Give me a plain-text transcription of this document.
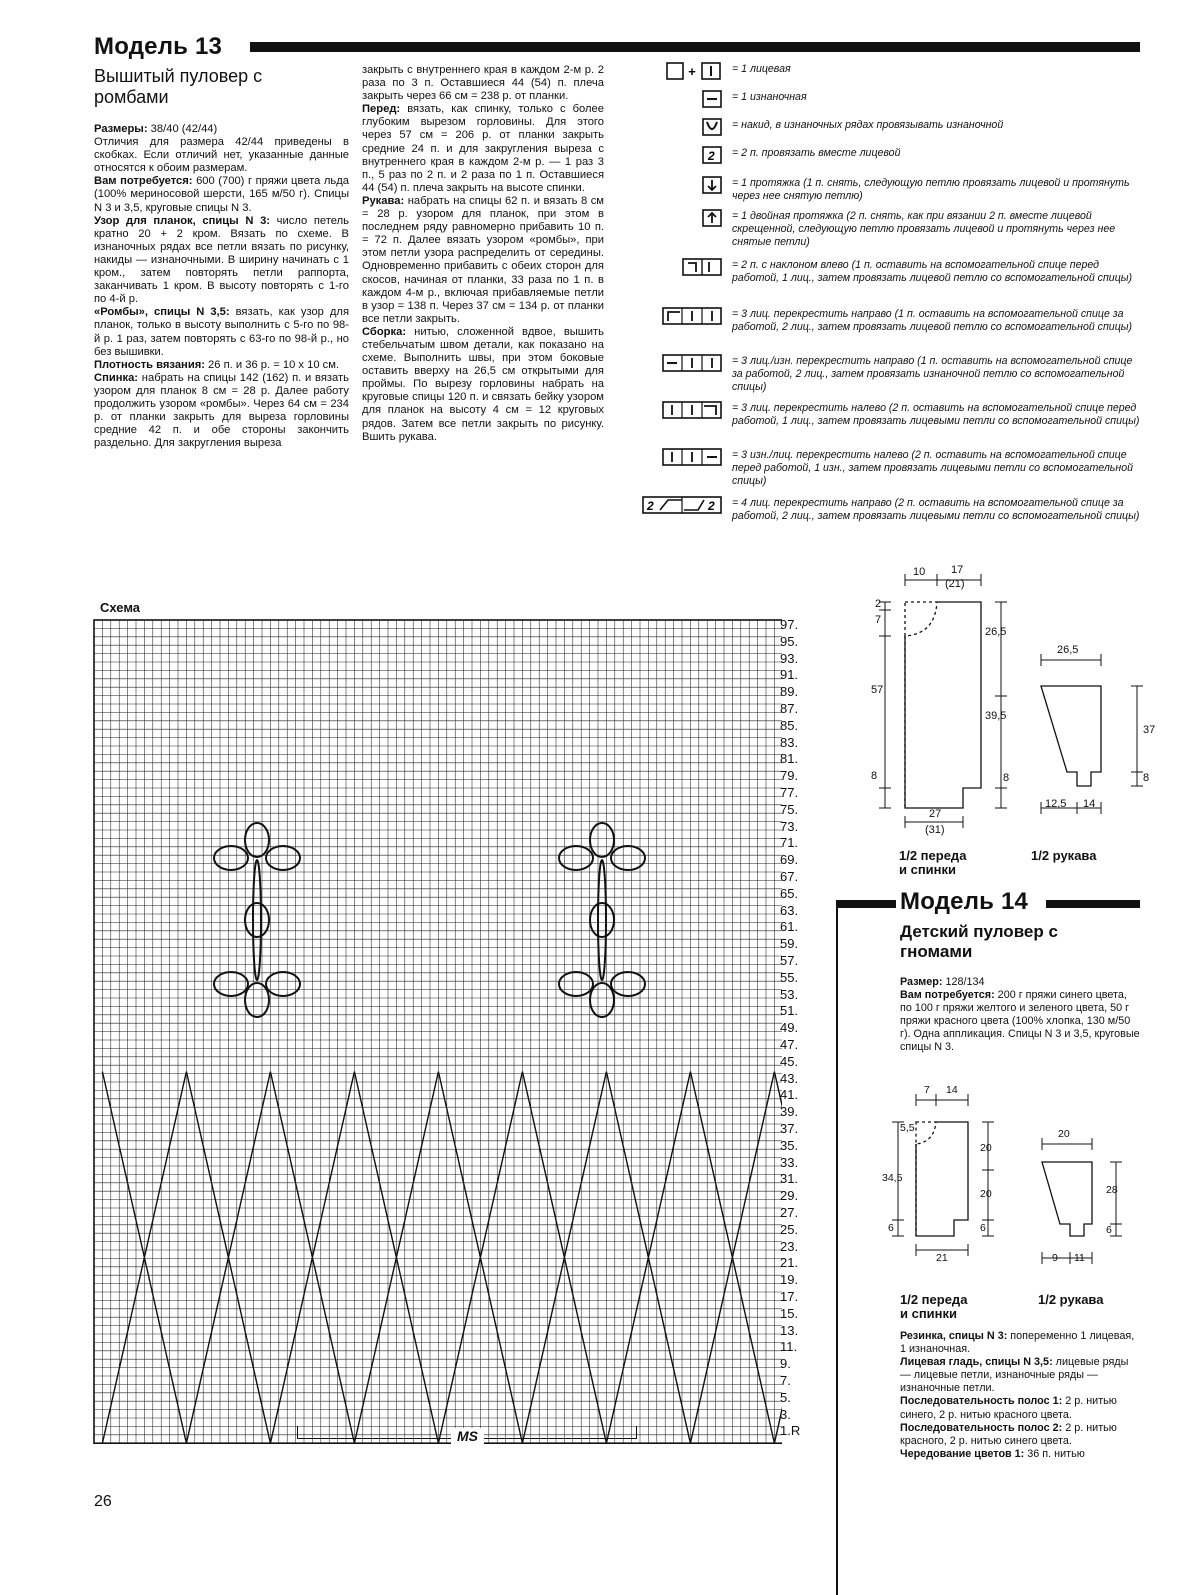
Модель 13
Вышитый пуловер с
ромбами

Размеры: 38/40 (42/44)

Отличия для размера 42/44 приведены в скобках. Если отличий нет, указанные данные относятся к обоим размерам.

Вам потребуется: 600 (700) г пряжи цвета льда (100% мериносовой шерсти, 165 м/50 г). Спицы N 3 и 3,5, круговые спицы N 3.

Узор для планок, спицы N 3: число петель кратно 20 + 2 кром. Вязать по схеме. В изнаночных рядах все петли вязать по рисунку, накиды — изнаночными. В ширину начинать с 1 кром., затем повторять петли раппорта, заканчивать 1 кром. В высоту повторять с 1-го по 4-й р.

«Ромбы», спицы N 3,5: вязать, как узор для планок, только в высоту выполнить с 5-го по 98-й р. 1 раз, затем повторять с 63-го по 98-й р., но без вышивки.

Плотность вязания: 26 п. и 36 р. = 10 х 10 см.

Спинка: набрать на спицы 142 (162) п. и вязать узором для планок 8 см = 28 р. Далее работу продолжить узором «ромбы». Через 64 см = 234 р. от планки закрыть для выреза горловины средние 42 п. и обе стороны закончить раздельно. Для закругления выреза

закрыть с внутреннего края в каждом 2-м р. 2 раза по 3 п. Оставшиеся 44 (54) п. плеча закрыть через 66 см = 238 р. от планки.

Перед: вязать, как спинку, только с более глубоким вырезом горловины. Для этого через 57 см = 206 р. от планки закрыть средние 24 п. и для закругления выреза с внутреннего края в каждом 2-м р. — 1 раз 3 п., 5 раз по 2 п. и 2 раза по 1 п. Оставшиеся 44 (54) п. плеча закрыть на высоте спинки.

Рукава: набрать на спицы 62 п. и вязать 8 см = 28 р. узором для планок, при этом в последнем ряду равномерно прибавить 10 п. = 72 п. Далее вязать узором «ромбы», при этом петли узора распределить от середины. Одновременно прибавить с обеих сторон для скосов, начиная от планки, 33 раза по 1 п. в каждом 4-м р., включая прибавляемые петли в узор = 138 п. Через 37 см = 134 р. от планки все петли закрыть.

Сборка: нитью, сложенной вдвое, вышить стебельчатым швом детали, как показано на схеме. Выполнить швы, при этом боковые оставить вверху на 26,5 см открытыми для проймы. По вырезу горловины набрать на круговые спицы 120 п. и связать бейку узором для планок на высоту 4 см = 12 круговых рядов. Затем все петли закрыть по рисунку. Вшить рукава.

+	= 1 лицевая
= 1 изнаночная
= накид, в изнаночных рядах провязывать изнаночной
2 = 2 п. провязать вместе лицевой
= 1 протяжка (1 п. снять, следующую петлю провязать лицевой и протянуть через нее снятую петлю)
= 1 двойная протяжка (2 п. снять, как при вязании 2 п. вместе лицевой скрещенной, следующую петлю провязать лицевой и протянуть через нее снятые петли)
= 2 п. с наклоном влево (1 п. оставить на вспомогательной спице перед работой, 1 лиц., затем провязать лицевой петлю со вспомогательной спицы)
= 3 лиц. перекрестить направо (1 п. оставить на вспомогательной спице за работой, 2 лиц., затем провязать лицевой петлю со вспомогательной спицы)
= 3 лиц./изн. перекрестить направо (1 п. оставить на вспомогательной спице за работой, 2 лиц., затем провязать изнаночной петлю со вспомогательной спицы)
= 3 лиц. перекрестить налево (2 п. оставить на вспомогательной спице перед работой, 1 лиц., затем провязать лицевыми петли со вспомогательной спицы)
= 3 изн./лиц. перекрестить налево (2 п. оставить на вспомогательной спице перед работой, 1 изн., затем провязать лицевыми петли со вспомогательной спицы)
2	2 = 4 лиц. перекрестить направо (2 п. оставить на вспомогательной спице за работой, 2 лиц., затем провязать лицевыми петли со вспомогательной спицы)
Схема
97.
95.
93.
91.
89.
87.
85.
83.
81.
79.
77.
75.
73.
71.
69.
67.
65.
63.
61.
59.
57.
55.
53.
51.
49.
47.
45.
43.
41.
39.
37.
35.
33.
31.
29.
27.
25.
23.
21.
19.
17.
15.
13.
11.
9.
7.
5.
3.
1.R
MS
26
10 17
(21)
2
7
26,5
57
39,5
8	8
27
(31)
26,5
37
8
12,5 14
1/2 переда
и спинки
1/2 рукава
Модель 14
Детский пуловер с
гномами

Размер: 128/134

Вам потребуется: 200 г пряжи синего цвета, по 100 г пряжи желтого и зеленого цвета, 50 г пряжи красного цвета (100% хлопка, 130 м/50 г). Одна аппликация. Спицы N 3 и 3,5, круговые спицы N 3.

7 14
5,5
20
34,5
20
6	6
21
20
28
6
9 11
1/2 переда
и спинки
1/2 рукава

Резинка, спицы N 3: попеременно 1 лицевая, 1 изнаночная.

Лицевая гладь, спицы N 3,5: лицевые ряды — лицевые петли, изнаночные ряды — изнаночные петли.

Последовательность полос 1: 2 р. нитью синего, 2 р. нитью красного цвета.

Последовательность полос 2: 2 р. нитью красного, 2 р. нитью синего цвета.

Чередование цветов 1: 36 п. нитью
